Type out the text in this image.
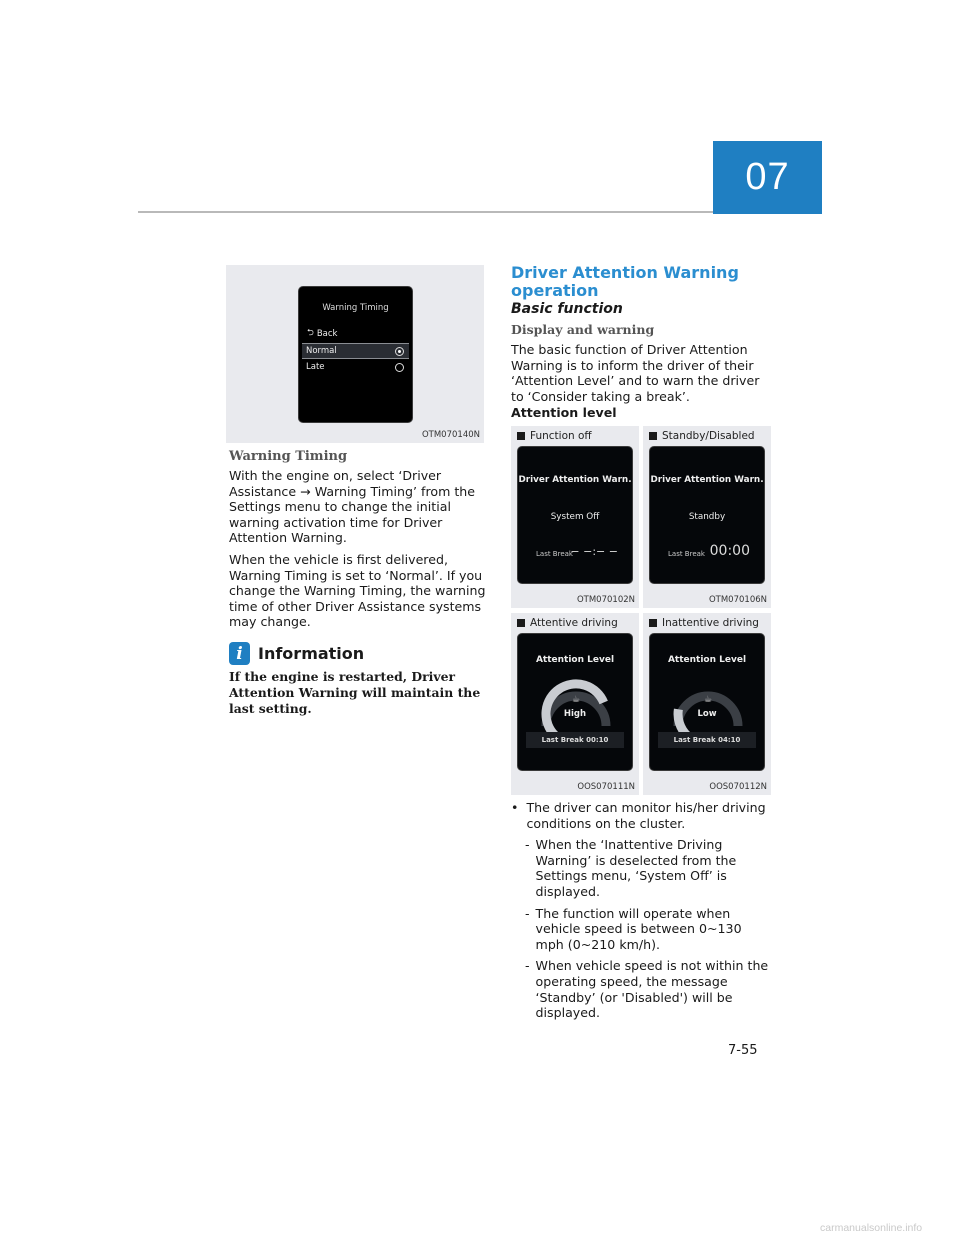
07
Warning Timing
⮌ Back
Normal
Late
OTM070140N
Warning Timing

With the engine on, select ‘Driver Assistance → Warning Timing’ from the Settings menu to change the initial warning activation time for Driver Attention Warning.

When the vehicle is first delivered, Warning Timing is set to ‘Normal’. If you change the Warning Timing, the warning time of other Driver Assistance systems may change.

i Information
If the engine is restarted, Driver Attention Warning will maintain the last setting.
Driver Attention Warning operation
Basic function
Display and warning
The basic function of Driver Attention Warning is to inform the driver of their ‘Attention Level’ and to warn the driver to ‘Consider taking a break’.
Attention level
Function off
Driver Attention Warn.
System Off
Last Break
− −:− −
OTM070102N
Standby/Disabled
Driver Attention Warn.
Standby
Last Break 00:00
OTM070106N
Attentive driving
Attention Level
☕
High
Last Break 00:10
OOS070111N
Inattentive driving
Attention Level
☕
Low
Last Break 04:10
OOS070112N
• The driver can monitor his/her driving conditions on the cluster.
- When the ‘Inattentive Driving Warning’ is deselected from the Settings menu, ‘System Off’ is displayed.
- The function will operate when vehicle speed is between 0~130 mph (0~210 km/h).
- When vehicle speed is not within the operating speed, the message ‘Standby’ (or 'Disabled') will be displayed.
7-55
carmanualsonline.info
